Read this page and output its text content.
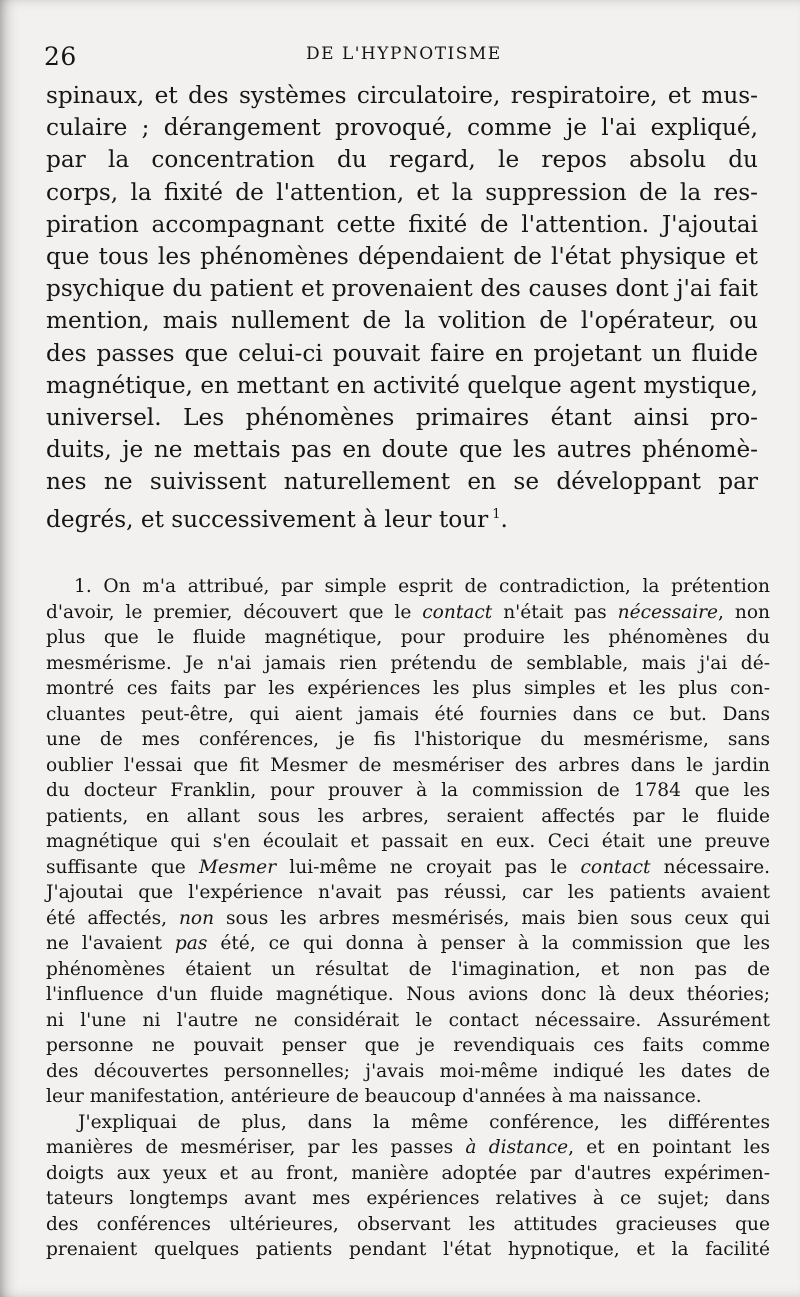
26	DE L'HYPNOTISME
spinaux, et des systèmes circulatoire, respiratoire, et mus-
culaire ; dérangement provoqué, comme je l'ai expliqué,
par la concentration du regard, le repos absolu du
corps, la fixité de l'attention, et la suppression de la res-
piration accompagnant cette fixité de l'attention. J'ajoutai
que tous les phénomènes dépendaient de l'état physique et
psychique du patient et provenaient des causes dont j'ai fait
mention, mais nullement de la volition de l'opérateur, ou
des passes que celui-ci pouvait faire en projetant un fluide
magnétique, en mettant en activité quelque agent mystique,
universel. Les phénomènes primaires étant ainsi pro-
duits, je ne mettais pas en doute que les autres phénomè-
nes ne suivissent naturellement en se développant par
degrés, et successivement à leur tour $^1$.
1. On m'a attribué, par simple esprit de contradiction, la prétention
d'avoir, le premier, découvert que le contact n'était pas nécessaire, non
plus que le fluide magnétique, pour produire les phénomènes du
mesmérisme. Je n'ai jamais rien prétendu de semblable, mais j'ai dé-
montré ces faits par les expériences les plus simples et les plus con-
cluantes peut-être, qui aient jamais été fournies dans ce but. Dans
une de mes conférences, je fis l'historique du mesmérisme, sans
oublier l'essai que fit Mesmer de mesmériser des arbres dans le jardin
du docteur Franklin, pour prouver à la commission de 1784 que les
patients, en allant sous les arbres, seraient affectés par le fluide
magnétique qui s'en écoulait et passait en eux. Ceci était une preuve
suffisante que Mesmer lui-même ne croyait pas le contact nécessaire.
J'ajoutai que l'expérience n'avait pas réussi, car les patients avaient
été affectés, non sous les arbres mesmérisés, mais bien sous ceux qui
ne l'avaient pas été, ce qui donna à penser à la commission que les
phénomènes étaient un résultat de l'imagination, et non pas de
l'influence d'un fluide magnétique. Nous avions donc là deux théories;
ni l'une ni l'autre ne considérait le contact nécessaire. Assurément
personne ne pouvait penser que je revendiquais ces faits comme
des découvertes personnelles; j'avais moi-même indiqué les dates de
leur manifestation, antérieure de beaucoup d'années à ma naissance.
J'expliquai de plus, dans la même conférence, les différentes
manières de mesmériser, par les passes à distance, et en pointant les
doigts aux yeux et au front, manière adoptée par d'autres expérimen-
tateurs longtemps avant mes expériences relatives à ce sujet; dans
des conférences ultérieures, observant les attitudes gracieuses que
prenaient quelques patients pendant l'état hypnotique, et la facilité
